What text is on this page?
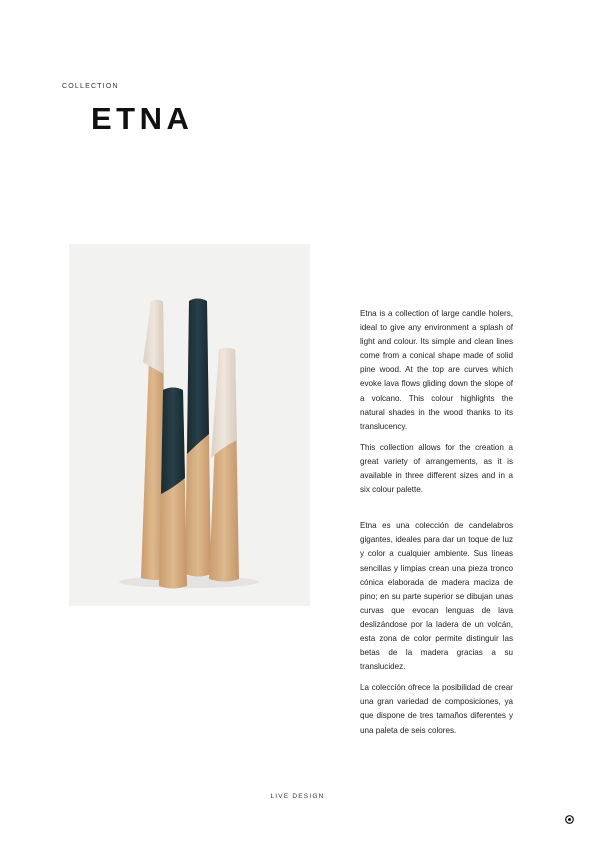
COLLECTION
ETNA

Etna is a collection of large candle holers, ideal to give any environment a splash of light and colour. Its simple and clean lines come from a conical shape made of solid pine wood. At the top are curves which evoke lava flows gliding down the slope of a volcano. This colour highlights the natural shades in the wood thanks to its translucency.

This collection allows for the creation a great variety of arrangements, as it is available in three different sizes and in a six colour palette.

Etna es una colección de candelabros gigantes, ideales para dar un toque de luz y color a cualquier ambiente. Sus líneas sencillas y limpias crean una pieza tronco cónica elaborada de madera maciza de pino; en su parte superior se dibujan unas curvas que evocan lenguas de lava deslizándose por la ladera de un volcán, esta zona de color permite distinguir las betas de la madera gracias a su translucidez.

La colección ofrece la posibilidad de crear una gran variedad de composiciones, ya que dispone de tres tamaños diferentes y una paleta de seis colores.

LIVE DESIGN
